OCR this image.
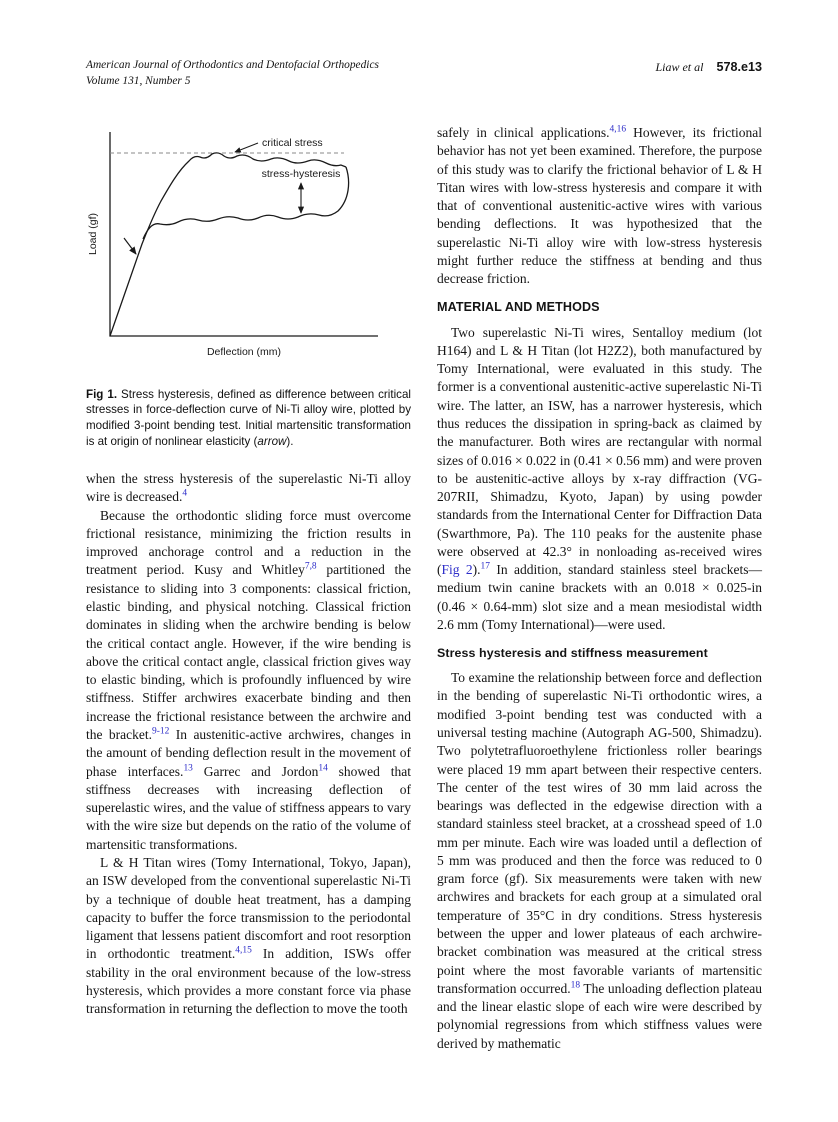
American Journal of Orthodontics and Dentofacial Orthopedics
Volume 131, Number 5
Liaw et al 578.e13
critical stress
stress-hysteresis
Deflection (mm)
Load (gf)
Fig 1. Stress hysteresis, defined as difference between critical stresses in force-deflection curve of Ni-Ti alloy wire, plotted by modified 3-point bending test. Initial martensitic transformation is at origin of nonlinear elasticity (arrow).

when the stress hysteresis of the superelastic Ni-Ti alloy wire is decreased.$^4$

Because the orthodontic sliding force must overcome frictional resistance, minimizing the friction results in improved anchorage control and a reduction in the treatment period. Kusy and Whitley$^{7,8}$ partitioned the resistance to sliding into 3 components: classical friction, elastic binding, and physical notching. Classical friction dominates in sliding when the archwire bending is below the critical contact angle. However, if the wire bending is above the critical contact angle, classical friction gives way to elastic binding, which is profoundly influenced by wire stiffness. Stiffer archwires exacerbate binding and then increase the frictional resistance between the archwire and the bracket.$^{9-12}$ In austenitic-active archwires, changes in the amount of bending deflection result in the movement of phase interfaces.$^{13}$ Garrec and Jordon$^{14}$ showed that stiffness decreases with increasing deflection of superelastic wires, and the value of stiffness appears to vary with the wire size but depends on the ratio of the volume of martensitic transformations.

L & H Titan wires (Tomy International, Tokyo, Japan), an ISW developed from the conventional superelastic Ni-Ti by a technique of double heat treatment, has a damping capacity to buffer the force transmission to the periodontal ligament that lessens patient discomfort and root resorption in orthodontic treatment.$^{4,15}$ In addition, ISWs offer stability in the oral environment because of the low-stress hysteresis, which provides a more constant force via phase transformation in returning the deflection to move the tooth

safely in clinical applications.$^{4,16}$ However, its frictional behavior has not yet been examined. Therefore, the purpose of this study was to clarify the frictional behavior of L & H Titan wires with low-stress hysteresis and compare it with that of conventional austenitic-active wires with various bending deflections. It was hypothesized that the superelastic Ni-Ti alloy wire with low-stress hysteresis might further reduce the stiffness at bending and thus decrease friction.

MATERIAL AND METHODS

Two superelastic Ni-Ti wires, Sentalloy medium (lot H164) and L & H Titan (lot H2Z2), both manufactured by Tomy International, were evaluated in this study. The former is a conventional austenitic-active superelastic Ni-Ti wire. The latter, an ISW, has a narrower hysteresis, which thus reduces the dissipation in spring-back as claimed by the manufacturer. Both wires are rectangular with normal sizes of 0.016 × 0.022 in (0.41 × 0.56 mm) and were proven to be austenitic-active alloys by x-ray diffraction (VG-207RII, Shimadzu, Kyoto, Japan) by using powder standards from the International Center for Diffraction Data (Swarthmore, Pa). The 110 peaks for the austenite phase were observed at 42.3° in nonloading as-received wires (Fig 2).$^{17}$ In addition, standard stainless steel brackets—medium twin canine brackets with an 0.018 × 0.025-in (0.46 × 0.64-mm) slot size and a mean mesiodistal width 2.6 mm (Tomy International)—were used.

Stress hysteresis and stiffness measurement

To examine the relationship between force and deflection in the bending of superelastic Ni-Ti orthodontic wires, a modified 3-point bending test was conducted with a universal testing machine (Autograph AG-500, Shimadzu). Two polytetrafluoroethylene frictionless roller bearings were placed 19 mm apart between their respective centers. The center of the test wires of 30 mm laid across the bearings was deflected in the edgewise direction with a standard stainless steel bracket, at a crosshead speed of 1.0 mm per minute. Each wire was loaded until a deflection of 5 mm was produced and then the force was reduced to 0 gram force (gf). Six measurements were taken with new archwires and brackets for each group at a simulated oral temperature of 35°C in dry conditions. Stress hysteresis between the upper and lower plateaus of each archwire-bracket combination was measured at the critical stress point where the most favorable variants of martensitic transformation occurred.$^{18}$ The unloading deflection plateau and the linear elastic slope of each wire were described by polynomial regressions from which stiffness values were derived by mathematic
